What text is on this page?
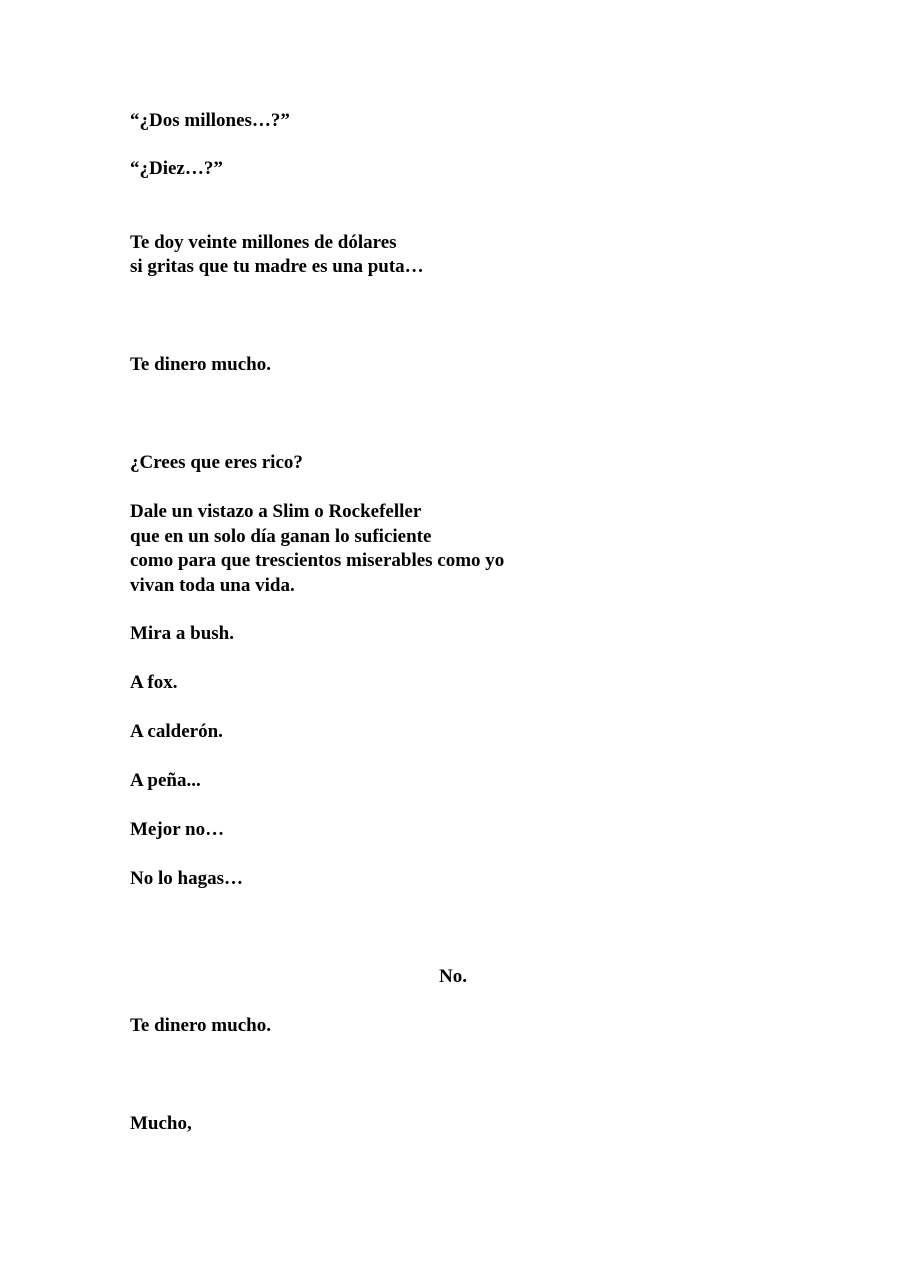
“¿Dos millones…?”

“¿Diez…?”

Te doy veinte millones de dólares

si gritas que tu madre es una puta…

Te dinero mucho.

¿Crees que eres rico?

Dale un vistazo a Slim o Rockefeller

que en un solo día ganan lo suficiente

como para que trescientos miserables como yo

vivan toda una vida.

Mira a bush.

A fox.

A calderón.

A peña...

Mejor no…

No lo hagas…

No.

Te dinero mucho.

Mucho,
